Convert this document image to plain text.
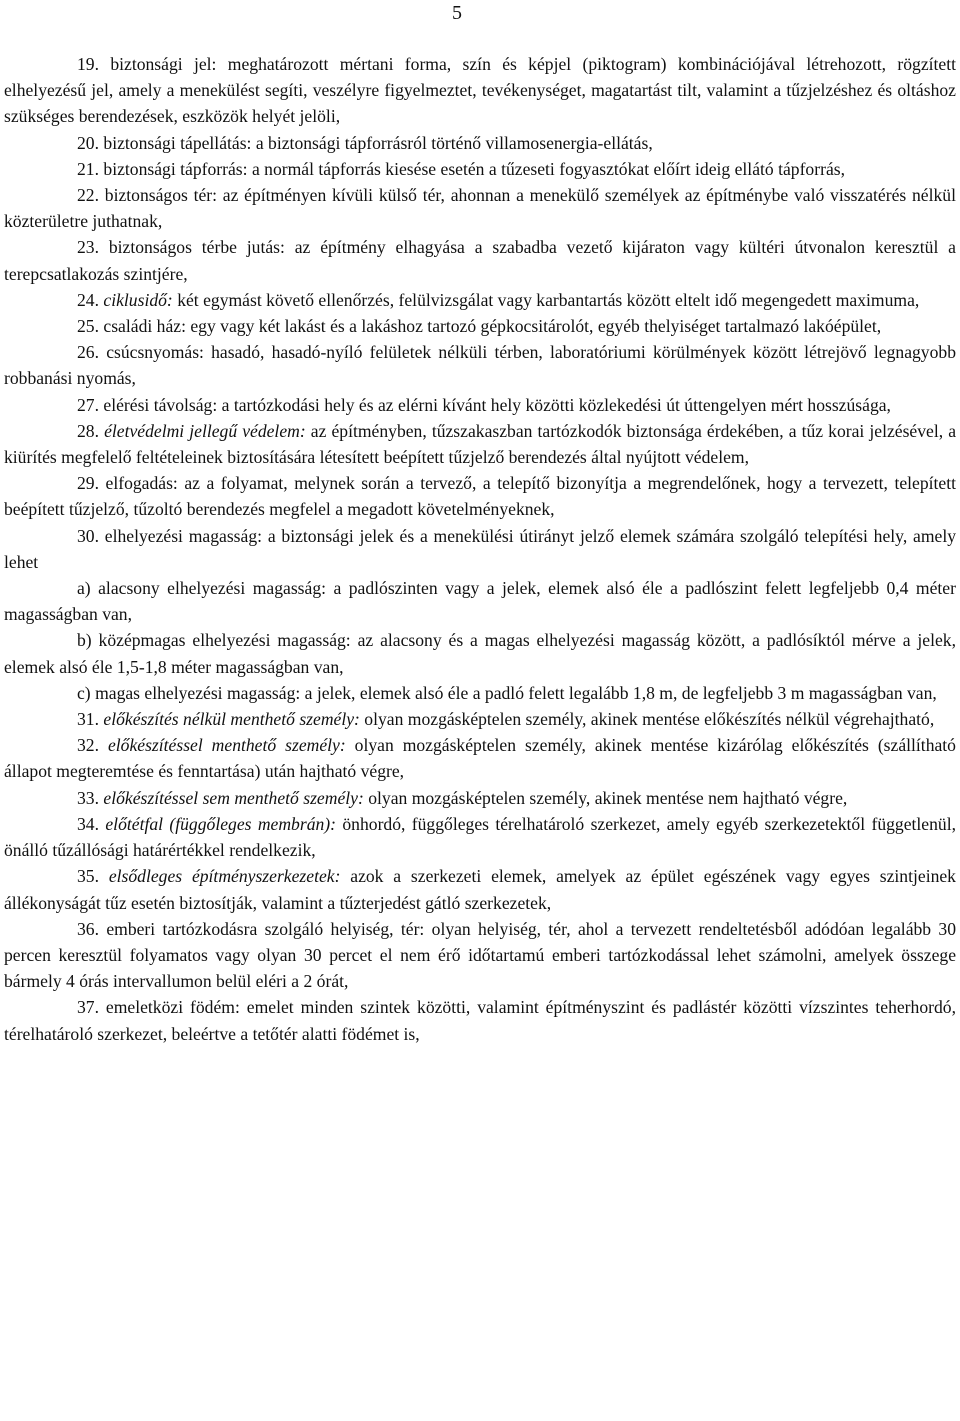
5

19. biztonsági jel: meghatározott mértani forma, szín és képjel (piktogram) kombinációjával létrehozott, rögzített elhelyezésű jel, amely a menekülést segíti, veszélyre figyelmeztet, tevékenységet, magatartást tilt, valamint a tűzjelzéshez és oltáshoz szükséges berendezések, eszközök helyét jelöli,

20. biztonsági tápellátás: a biztonsági tápforrásról történő villamosenergia-ellátás,

21. biztonsági tápforrás: a normál tápforrás kiesése esetén a tűzeseti fogyasztókat előírt ideig ellátó tápforrás,

22. biztonságos tér: az építményen kívüli külső tér, ahonnan a menekülő személyek az építménybe való visszatérés nélkül közterületre juthatnak,

23. biztonságos térbe jutás: az építmény elhagyása a szabadba vezető kijáraton vagy kültéri útvonalon keresztül a terepcsatlakozás szintjére,

24. ciklusidő: két egymást követő ellenőrzés, felülvizsgálat vagy karbantartás között eltelt idő megengedett maximuma,

25. családi ház: egy vagy két lakást és a lakáshoz tartozó gépkocsitárolót, egyéb thelyiséget tartalmazó lakóépület,

26. csúcsnyomás: hasadó, hasadó-nyíló felületek nélküli térben, laboratóriumi körülmények között létrejövő legnagyobb robbanási nyomás,

27. elérési távolság: a tartózkodási hely és az elérni kívánt hely közötti közlekedési út úttengelyen mért hosszúsága,

28. életvédelmi jellegű védelem: az építményben, tűzszakaszban tartózkodók biztonsága érdekében, a tűz korai jelzésével, a kiürítés megfelelő feltételeinek biztosítására létesített beépített tűzjelző berendezés által nyújtott védelem,

29. elfogadás: az a folyamat, melynek során a tervező, a telepítő bizonyítja a megrendelőnek, hogy a tervezett, telepített beépített tűzjelző, tűzoltó berendezés megfelel a megadott követelményeknek,

30. elhelyezési magasság: a biztonsági jelek és a menekülési útirányt jelző elemek számára szolgáló telepítési hely, amely lehet

a) alacsony elhelyezési magasság: a padlószinten vagy a jelek, elemek alsó éle a padlószint felett legfeljebb 0,4 méter magasságban van,

b) középmagas elhelyezési magasság: az alacsony és a magas elhelyezési magasság között, a padlósíktól mérve a jelek, elemek alsó éle 1,5-1,8 méter magasságban van,

c) magas elhelyezési magasság: a jelek, elemek alsó éle a padló felett legalább 1,8 m, de legfeljebb 3 m magasságban van,

31. előkészítés nélkül menthető személy: olyan mozgásképtelen személy, akinek mentése előkészítés nélkül végrehajtható,

32. előkészítéssel menthető személy: olyan mozgásképtelen személy, akinek mentése kizárólag előkészítés (szállítható állapot megteremtése és fenntartása) után hajtható végre,

33. előkészítéssel sem menthető személy: olyan mozgásképtelen személy, akinek mentése nem hajtható végre,

34. előtétfal (függőleges membrán): önhordó, függőleges térelhatároló szerkezet, amely egyéb szerkezetektől függetlenül, önálló tűzállósági határértékkel rendelkezik,

35. elsődleges építményszerkezetek: azok a szerkezeti elemek, amelyek az épület egészének vagy egyes szintjeinek állékonyságát tűz esetén biztosítják, valamint a tűzterjedést gátló szerkezetek,

36. emberi tartózkodásra szolgáló helyiség, tér: olyan helyiség, tér, ahol a tervezett rendeltetésből adódóan legalább 30 percen keresztül folyamatos vagy olyan 30 percet el nem érő időtartamú emberi tartózkodással lehet számolni, amelyek összege bármely 4 órás intervallumon belül eléri a 2 órát,

37. emeletközi födém: emelet minden szintek közötti, valamint építményszint és padlástér közötti vízszintes teherhordó, térelhatároló szerkezet, beleértve a tetőtér alatti födémet is,
